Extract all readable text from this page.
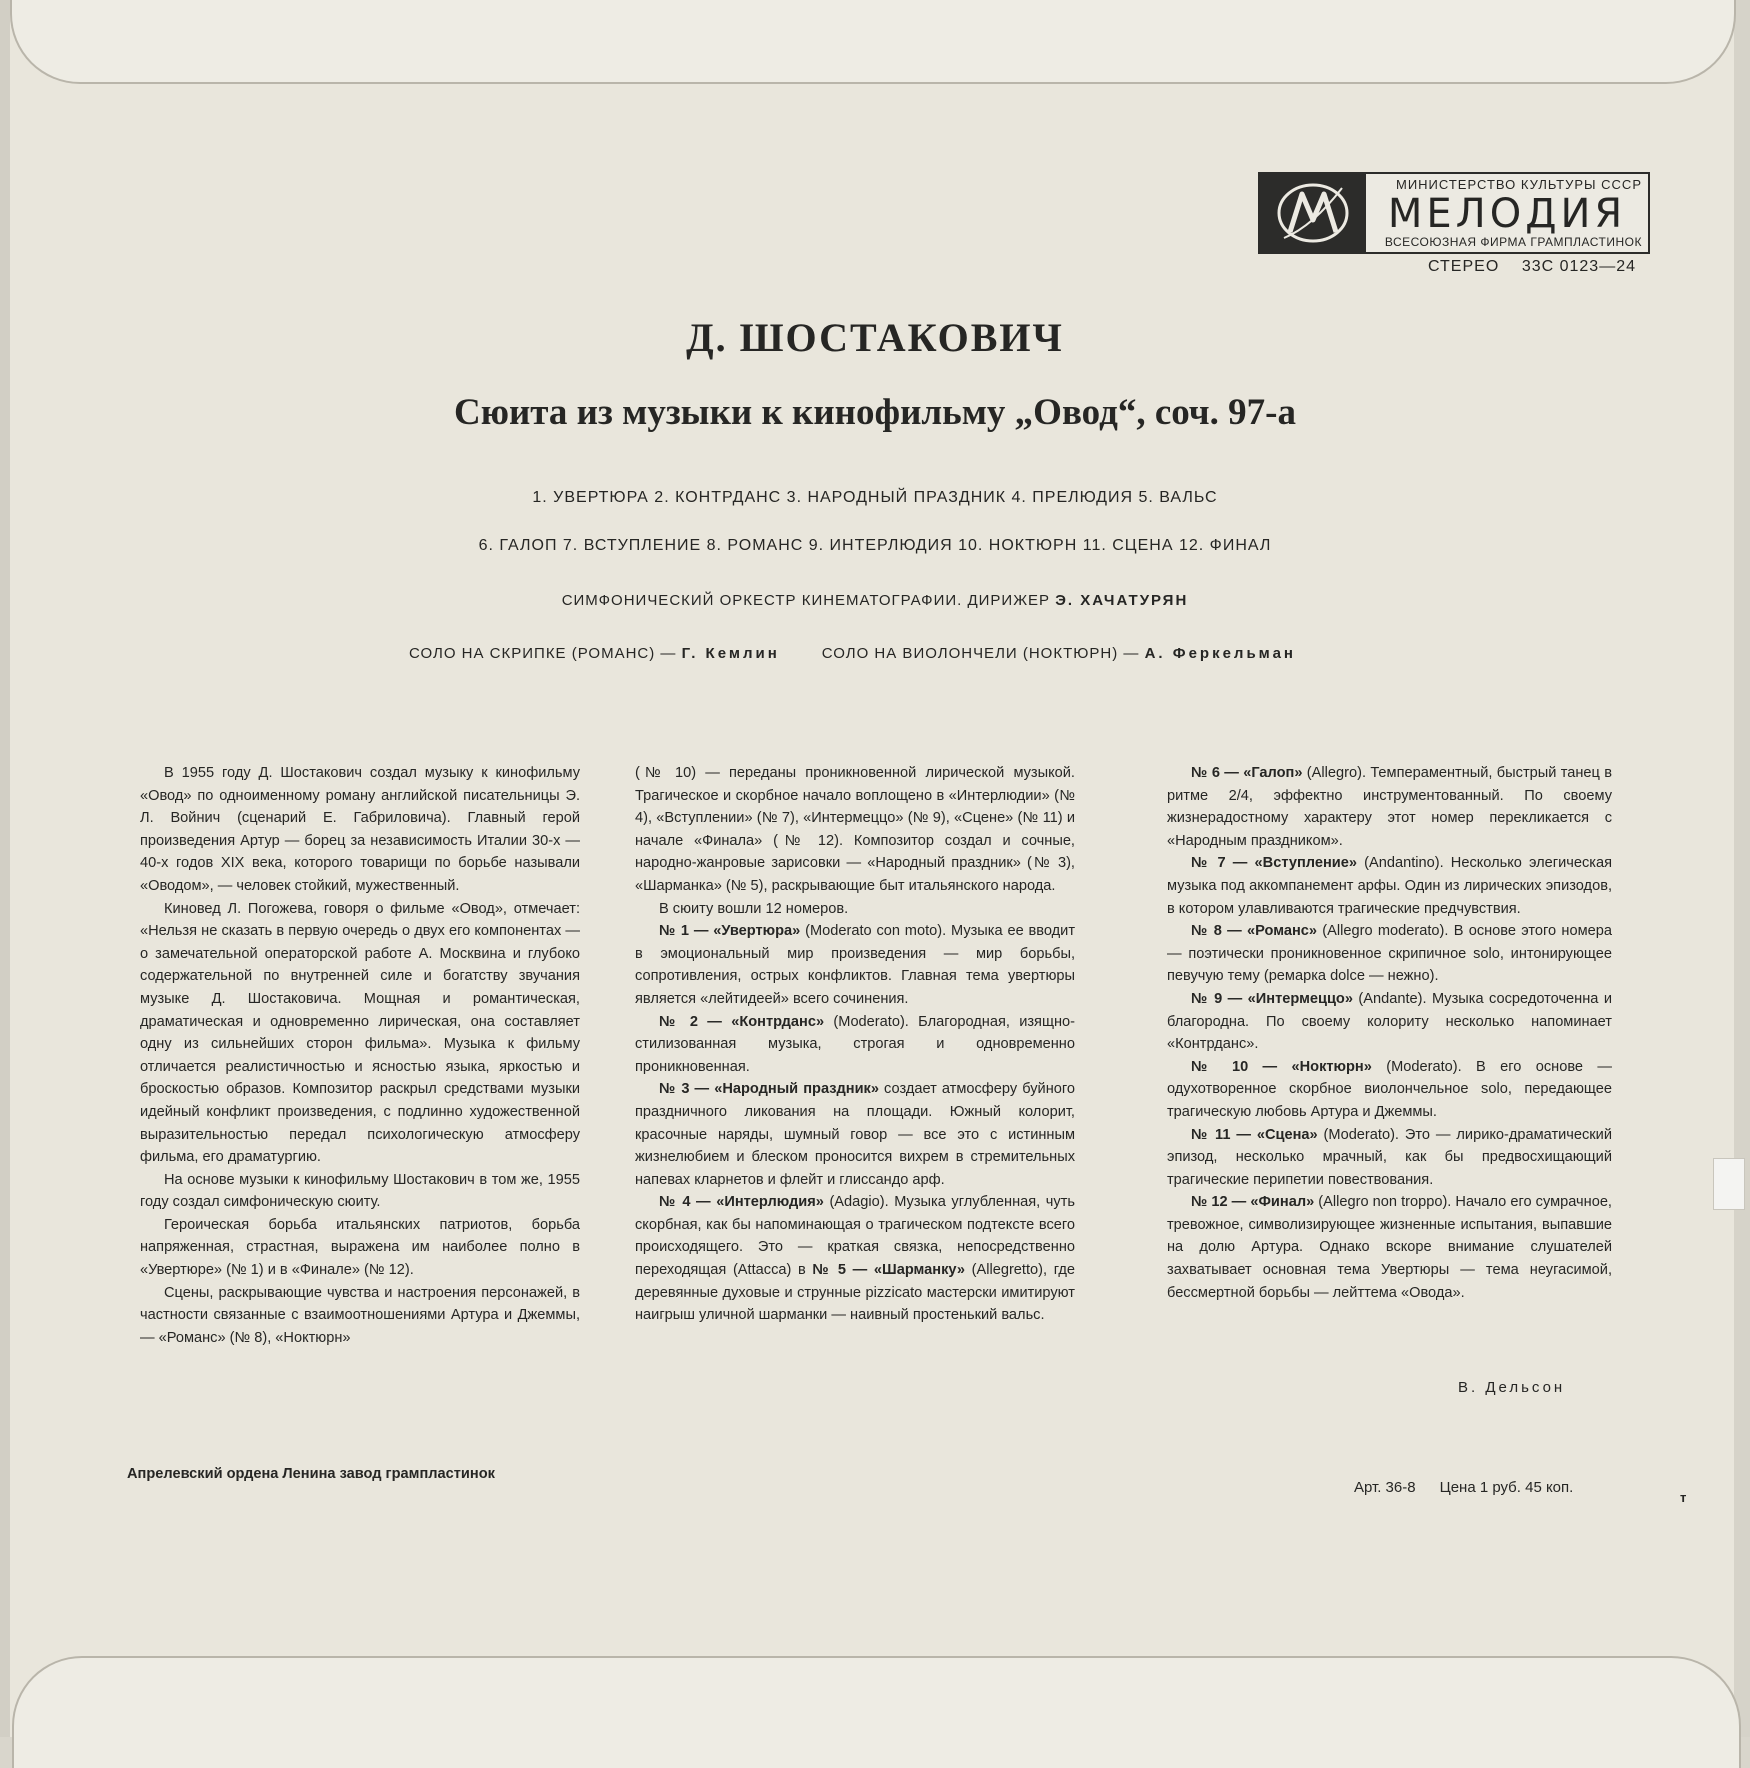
МИНИСТЕРСТВО КУЛЬТУРЫ СССР
МЕЛОДИЯ
ВСЕСОЮЗНАЯ ФИРМА ГРАМПЛАСТИНОК
СТЕРЕО 33С 0123—24
Д. ШОСТАКОВИЧ
Сюита из музыки к кинофильму „Овод“, соч. 97-а
1. УВЕРТЮРА 2. КОНТРДАНС 3. НАРОДНЫЙ ПРАЗДНИК 4. ПРЕЛЮДИЯ 5. ВАЛЬС
6. ГАЛОП 7. ВСТУПЛЕНИЕ 8. РОМАНС 9. ИНТЕРЛЮДИЯ 10. НОКТЮРН 11. СЦЕНА 12. ФИНАЛ
СИМФОНИЧЕСКИЙ ОРКЕСТР КИНЕМАТОГРАФИИ. ДИРИЖЕР Э. ХАЧАТУРЯН
СОЛО НА СКРИПКЕ (РОМАНС) —
Г. Кемлин	СОЛО НА ВИОЛОНЧЕЛИ (НОКТЮРН) —
А. Феркельман

В 1955 году Д. Шостакович создал музыку к кинофильму «Овод» по одноименному роману английской писательницы Э. Л. Войнич (сценарий Е. Габриловича). Главный герой произведения Артур — борец за независимость Италии 30-х — 40-х годов XIX века, которого товарищи по борьбе называли «Оводом», — человек стойкий, мужественный.

Киновед Л. Погожева, говоря о фильме «Овод», отмечает: «Нельзя не сказать в первую очередь о двух его компонентах — о замечательной операторской работе А. Москвина и глубоко содержательной по внутренней силе и богатству звучания музыке Д. Шостаковича. Мощная и романтическая, драматическая и одновременно лирическая, она составляет одну из сильнейших сторон фильма». Музыка к фильму отличается реалистичностью и ясностью языка, яркостью и броскостью образов. Композитор раскрыл средствами музыки идейный конфликт произведения, с подлинно художественной выразительностью передал психологическую атмосферу фильма, его драматургию.

На основе музыки к кинофильму Шостакович в том же, 1955 году создал симфоническую сюиту.

Героическая борьба итальянских патриотов, борьба напряженная, страстная, выражена им наиболее полно в «Увертюре» (№ 1) и в «Финале» (№ 12).

Сцены, раскрывающие чувства и настроения персонажей, в частности связанные с взаимоотношениями Артура и Джеммы, — «Романс» (№ 8), «Ноктюрн»

(№ 10) — переданы проникновенной лирической музыкой. Трагическое и скорбное начало воплощено в «Интерлюдии» (№ 4), «Вступлении» (№ 7), «Интермеццо» (№ 9), «Сцене» (№ 11) и начале «Финала» (№ 12). Композитор создал и сочные, народно-жанровые зарисовки — «Народный праздник» (№ 3), «Шарманка» (№ 5), раскрывающие быт итальянского народа.

В сюиту вошли 12 номеров.

№ 1 — «Увертюра» (Moderato con moto). Музыка ее вводит в эмоциональный мир произведения — мир борьбы, сопротивления, острых конфликтов. Главная тема увертюры является «лейтидеей» всего сочинения.

№ 2 — «Контрданс» (Moderato). Благородная, изящно-стилизованная музыка, строгая и одновременно проникновенная.

№ 3 — «Народный праздник» создает атмосферу буйного праздничного ликования на площади. Южный колорит, красочные наряды, шумный говор — все это с истинным жизнелюбием и блеском проносится вихрем в стремительных напевах кларнетов и флейт и глиссандо арф.

№ 4 — «Интерлюдия» (Adagio). Музыка углубленная, чуть скорбная, как бы напоминающая о трагическом подтексте всего происходящего. Это — краткая связка, непосредственно переходящая (Attacca) в № 5 — «Шарманку» (Allegretto), где деревянные духовые и струнные pizzicato мастерски имитируют наигрыш уличной шарманки — наивный простенький вальс.

№ 6 — «Галоп» (Allegro). Темпераментный, быстрый танец в ритме 2/4, эффектно инструментованный. По своему жизнерадостному характеру этот номер перекликается с «Народным праздником».

№ 7 — «Вступление» (Andantino). Несколько элегическая музыка под аккомпанемент арфы. Один из лирических эпизодов, в котором улавливаются трагические предчувствия.

№ 8 — «Романс» (Allegro moderato). В основе этого номера — поэтически проникновенное скрипичное solo, интонирующее певучую тему (ремарка dolce — нежно).

№ 9 — «Интермеццо» (Andante). Музыка сосредоточенна и благородна. По своему колориту несколько напоминает «Контрданс».

№ 10 — «Ноктюрн» (Moderato). В его основе — одухотворенное скорбное виолончельное solo, передающее трагическую любовь Артура и Джеммы.

№ 11 — «Сцена» (Moderato). Это — лирико-драматический эпизод, несколько мрачный, как бы предвосхищающий трагические перипетии повествования.

№ 12 — «Финал» (Allegro non troppo). Начало его сумрачное, тревожное, символизирующее жизненные испытания, выпавшие на долю Артура. Однако вскоре внимание слушателей захватывает основная тема Увертюры — тема неугасимой, бессмертной борьбы — лейттема «Овода».

В. Дельсон
Апрелевский ордена Ленина завод грампластинок
Арт. 36-8 Цена 1 руб. 45 коп.
т
